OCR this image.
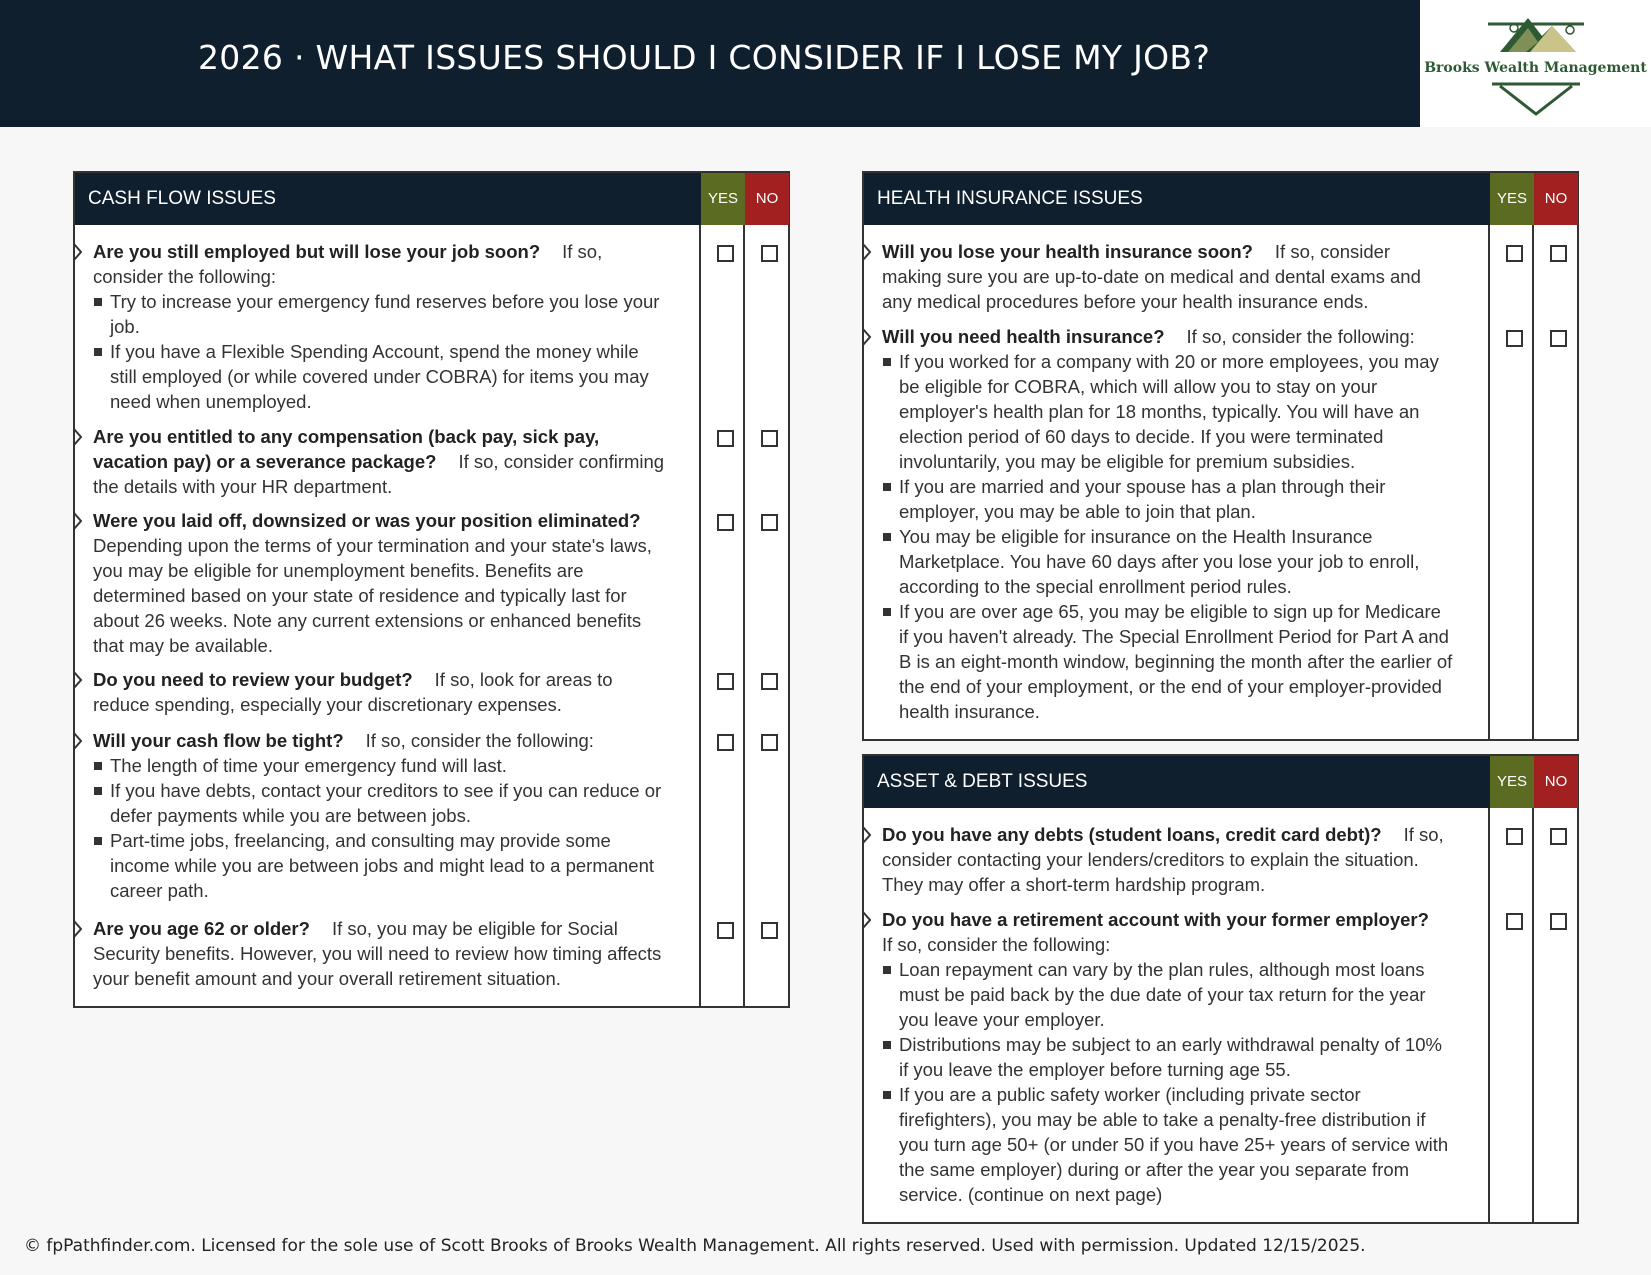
2026 · WHAT ISSUES SHOULD I CONSIDER IF I LOSE MY JOB?	Brooks Wealth Management
CASH FLOW ISSUES	YES	NO
Are you still employed but will lose your job soon? If so, consider the following:
Try to increase your emergency fund reserves before you lose your job.
If you have a Flexible Spending Account, spend the money while still employed (or while covered under COBRA) for items you may need when unemployed.
Are you entitled to any compensation (back pay, sick pay, vacation pay) or a severance package? If so, consider confirming the details with your HR department.
Were you laid off, downsized or was your position eliminated?Depending upon the terms of your termination and your state's laws, you may be eligible for unemployment benefits. Benefits are determined based on your state of residence and typically last for about 26 weeks. Note any current extensions or enhanced benefits that may be available.
Do you need to review your budget? If so, look for areas to reduce spending, especially your discretionary expenses.
Will your cash flow be tight? If so, consider the following:
The length of time your emergency fund will last.
If you have debts, contact your creditors to see if you can reduce or defer payments while you are between jobs.
Part-time jobs, freelancing, and consulting may provide some income while you are between jobs and might lead to a permanent career path.
Are you age 62 or older? If so, you may be eligible for Social Security benefits. However, you will need to review how timing affects your benefit amount and your overall retirement situation.
HEALTH INSURANCE ISSUES	YES	NO
Will you lose your health insurance soon? If so, consider making sure you are up-to-date on medical and dental exams and any medical procedures before your health insurance ends.
Will you need health insurance? If so, consider the following:
If you worked for a company with 20 or more employees, you may be eligible for COBRA, which will allow you to stay on your employer's health plan for 18 months, typically. You will have an election period of 60 days to decide. If you were terminated involuntarily, you may be eligible for premium subsidies.
If you are married and your spouse has a plan through their employer, you may be able to join that plan.
You may be eligible for insurance on the Health Insurance Marketplace. You have 60 days after you lose your job to enroll, according to the special enrollment period rules.
If you are over age 65, you may be eligible to sign up for Medicare if you haven't already. The Special Enrollment Period for Part A and B is an eight-month window, beginning the month after the earlier of the end of your employment, or the end of your employer-provided health insurance.
ASSET & DEBT ISSUES	YES	NO
Do you have any debts (student loans, credit card debt)? If so, consider contacting your lenders/creditors to explain the situation. They may offer a short-term hardship program.
Do you have a retirement account with your former employer?If so, consider the following:
Loan repayment can vary by the plan rules, although most loans must be paid back by the due date of your tax return for the year you leave your employer.
Distributions may be subject to an early withdrawal penalty of 10% if you leave the employer before turning age 55.
If you are a public safety worker (including private sector firefighters), you may be able to take a penalty-free distribution if you turn age 50+ (or under 50 if you have 25+ years of service with the same employer) during or after the year you separate from service. (continue on next page)
© fpPathfinder.com. Licensed for the sole use of Scott Brooks of Brooks Wealth Management. All rights reserved. Used with permission. Updated 12/15/2025.
